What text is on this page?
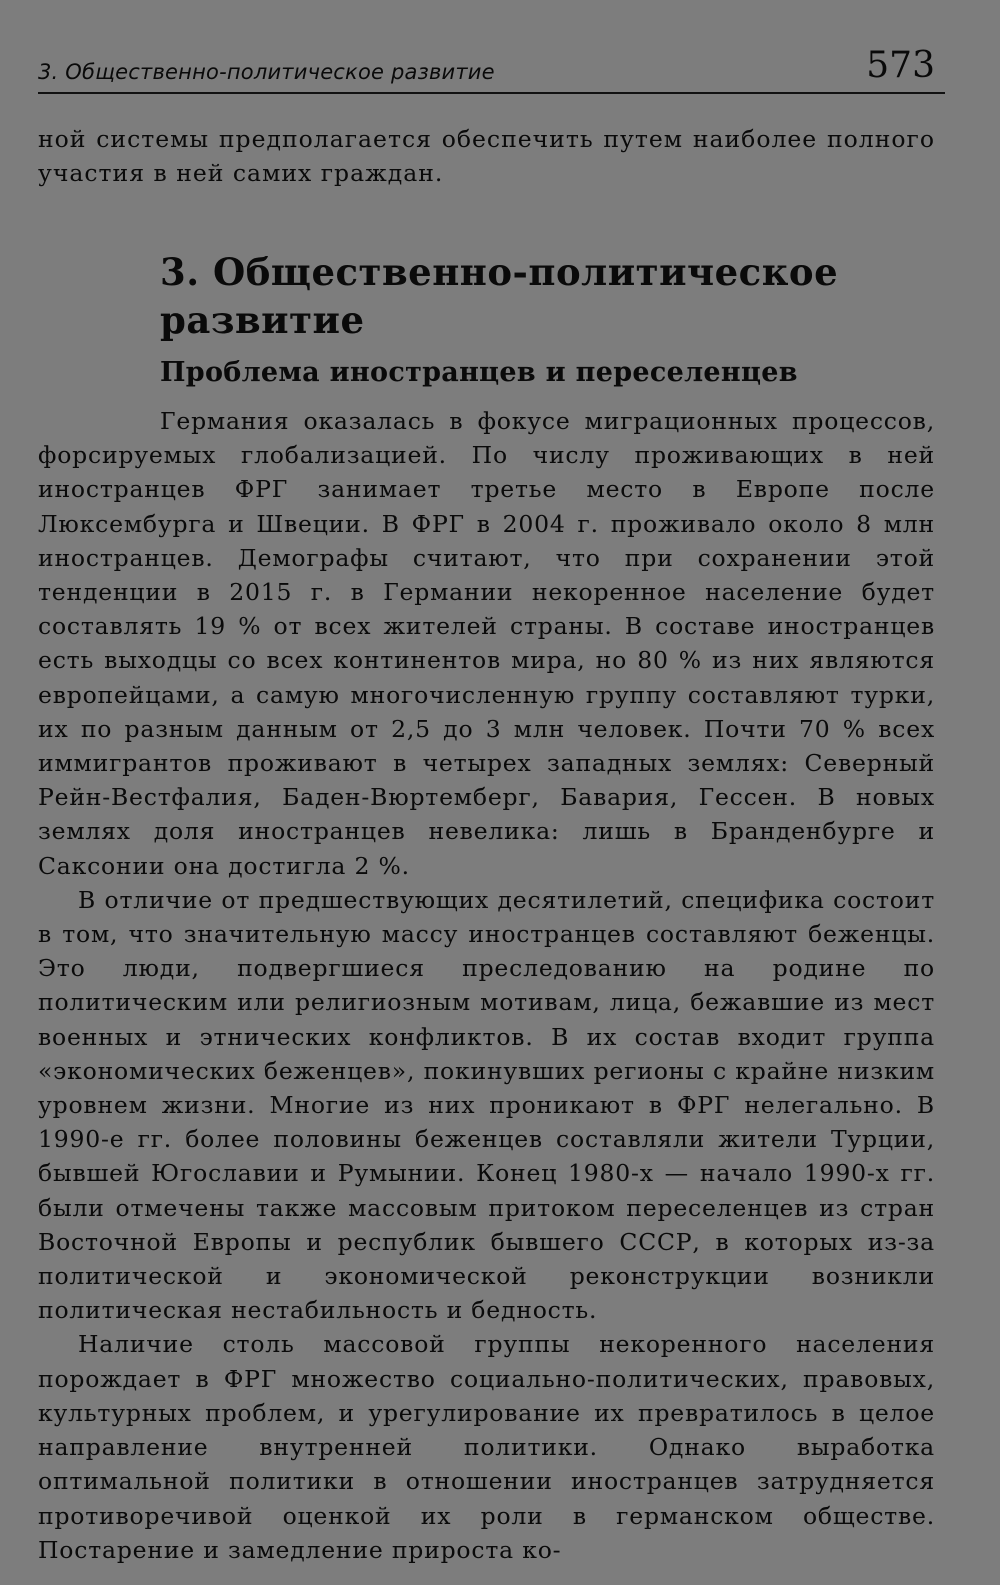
3. Общественно-политическое развитие	573
ной системы предполагается обеспечить путем наиболее полного участия в ней самих граждан.
3. Общественно-политическое развитие
Проблема иностранцев и переселенцев

Германия оказалась в фокусе миграционных процессов, форсируемых глобализацией. По числу проживающих в ней иностранцев ФРГ занимает третье место в Европе после Люксембурга и Швеции. В ФРГ в 2004 г. проживало около 8 млн иностранцев. Демографы считают, что при сохранении этой тенденции в 2015 г. в Германии некоренное население будет составлять 19 % от всех жителей страны. В составе иностранцев есть выходцы со всех континентов мира, но 80 % из них являются европейцами, а самую многочисленную группу составляют турки, их по разным данным от 2,5 до 3 млн человек. Почти 70 % всех иммигрантов проживают в четырех западных землях: Северный Рейн-Вестфалия, Баден-Вюртемберг, Бавария, Гессен. В новых землях доля иностранцев невелика: лишь в Бранденбурге и Саксонии она достигла 2 %.

В отличие от предшествующих десятилетий, специфика состоит в том, что значительную массу иностранцев составляют беженцы. Это люди, подвергшиеся преследованию на родине по политическим или религиозным мотивам, лица, бежавшие из мест военных и этнических конфликтов. В их состав входит группа «экономических беженцев», покинувших регионы с крайне низким уровнем жизни. Многие из них проникают в ФРГ нелегально. В 1990-е гг. более половины беженцев составляли жители Турции, бывшей Югославии и Румынии. Конец 1980-х — начало 1990-х гг. были отмечены также массовым притоком переселенцев из стран Восточной Европы и республик бывшего СССР, в которых из-за политической и экономической реконструкции возникли политическая нестабильность и бедность.

Наличие столь массовой группы некоренного населения порождает в ФРГ множество социально-политических, правовых, культурных проблем, и урегулирование их превратилось в целое направление внутренней политики. Однако выработка оптимальной политики в отношении иностранцев затрудняется противоречивой оценкой их роли в германском обществе. Постарение и замедление прироста ко-
